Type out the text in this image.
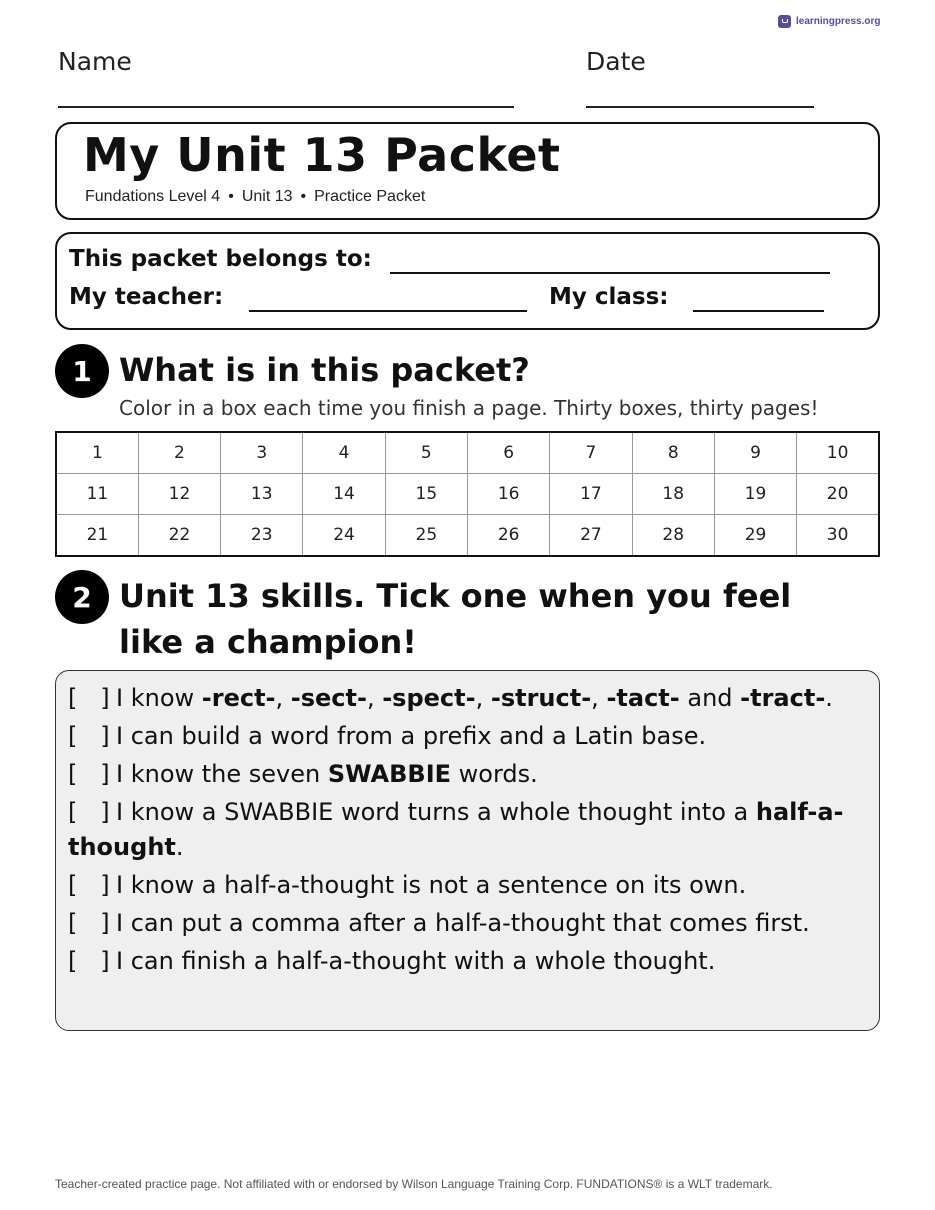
learningpress.org
Name	Date
My Unit 13 Packet
Fundations Level 4 • Unit 13 • Practice Packet
This packet belongs to:
My teacher:	My class:
1 What is in this packet?
Color in a box each time you finish a page. Thirty boxes, thirty pages!
1	2	3	4	5	6	7	8	9	10
11	12	13	14	15	16	17	18	19	20
21	22	23	24	25	26	27	28	29	30
2 Unit 13 skills. Tick one when you feel like a champion!
[   ] I know -rect-, -sect-, -spect-, -struct-, -tact- and -tract-.
[   ] I can build a word from a prefix and a Latin base.
[   ] I know the seven SWABBIE words.
[   ] I know a SWABBIE word turns a whole thought into a half-a-thought.
[   ] I know a half-a-thought is not a sentence on its own.
[   ] I can put a comma after a half-a-thought that comes first.
[   ] I can finish a half-a-thought with a whole thought.
Teacher-created practice page. Not affiliated with or endorsed by Wilson Language Training Corp. FUNDATIONS® is a WLT trademark.
